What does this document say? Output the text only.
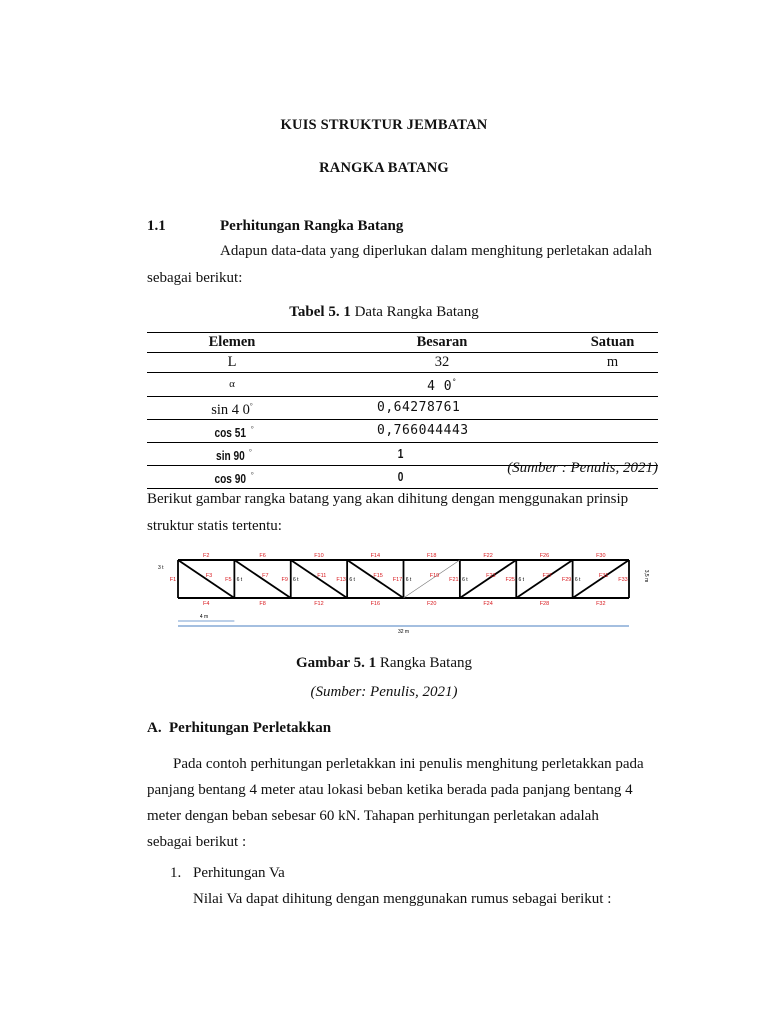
KUIS STRUKTUR JEMBATAN
RANGKA BATANG
1.1	Perhitungan Rangka Batang
Adapun data-data yang diperlukan dalam menghitung perletakan adalah
sebagai berikut:
Tabel 5. 1 Data Rangka Batang
Elemen	Besaran	Satuan
L	32	m
α	4 0°	
sin 4 0°	0,64278761	
cos 51 °	0,766044443	
sin 90 °	1	
cos 90 °	0	
(Sumber : Penulis, 2021)
Berikut gambar rangka batang yang akan dihitung dengan menggunakan prinsip
struktur statis tertentu:
F2	F6	F10	F14	F18	F22	F26	F30
F4	F8	F12	F16	F20	F24	F28	F32
F3	F7	F11	F15	F19	F23	F27	F31
F1	F5	F9	F13	F17	F21	F25	F29	F33
3 t
6 t	6 t	6 t	6 t	6 t	6 t	6 t	3,5 m
4 m
32 m
Gambar 5. 1 Rangka Batang
(Sumber: Penulis, 2021)
A. Perhitungan Perletakkan
Pada contoh perhitungan perletakkan ini penulis menghitung perletakkan pada
panjang bentang 4 meter atau lokasi beban ketika berada pada panjang bentang 4
meter dengan beban sebesar 60 kN. Tahapan perhitungan perletakan adalah
sebagai berikut :
1. Perhitungan Va
Nilai Va dapat dihitung dengan menggunakan rumus sebagai berikut :
